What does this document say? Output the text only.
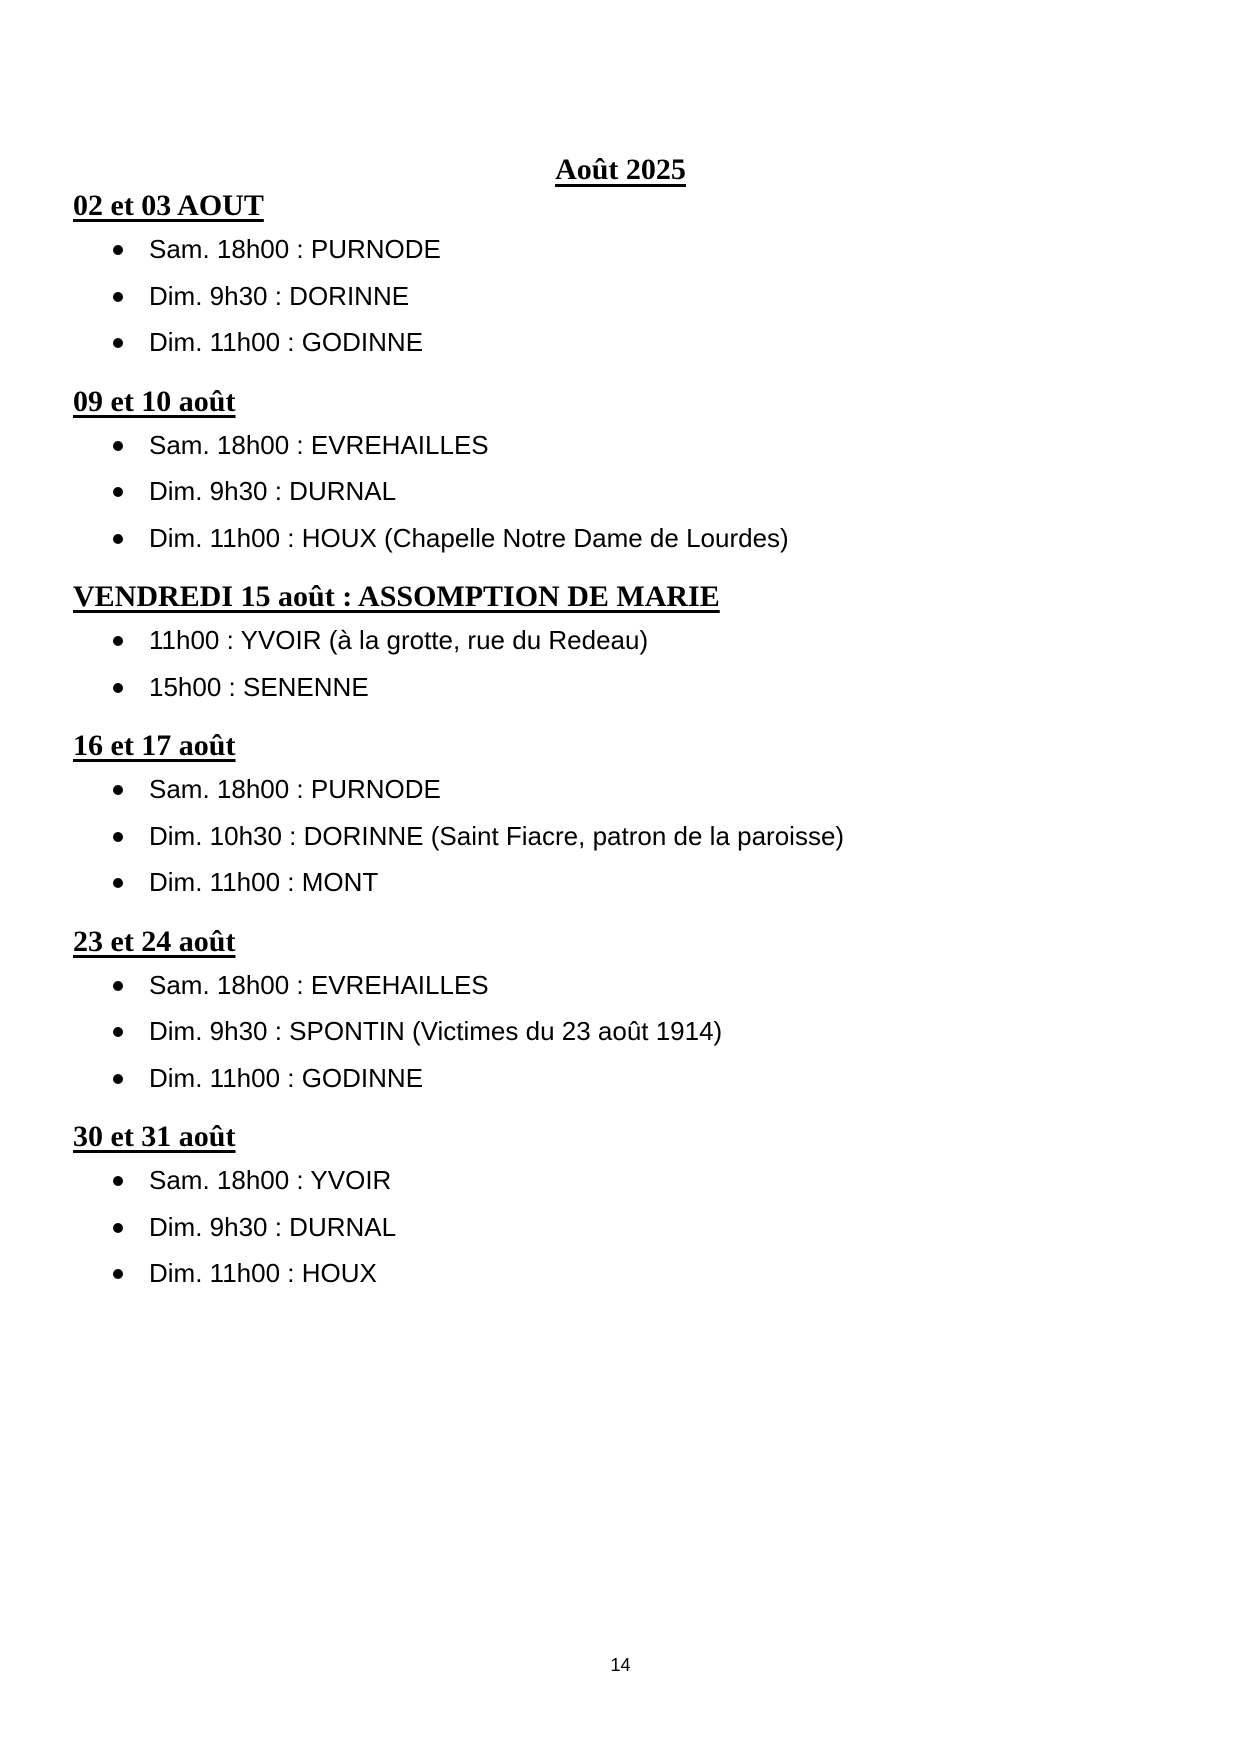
Août 2025
02 et 03 AOUT
Sam. 18h00 : PURNODE
Dim. 9h30 : DORINNE
Dim. 11h00 : GODINNE
09 et 10 août
Sam. 18h00 : EVREHAILLES
Dim. 9h30 : DURNAL
Dim. 11h00 : HOUX (Chapelle Notre Dame de Lourdes)
VENDREDI 15 août : ASSOMPTION DE MARIE
11h00 : YVOIR (à la grotte, rue du Redeau)
15h00 : SENENNE
16 et 17 août
Sam. 18h00 : PURNODE
Dim. 10h30 : DORINNE (Saint Fiacre, patron de la paroisse)
Dim. 11h00 : MONT
23 et 24 août
Sam. 18h00 : EVREHAILLES
Dim. 9h30 : SPONTIN (Victimes du 23 août 1914)
Dim. 11h00 : GODINNE
30 et 31 août
Sam. 18h00 : YVOIR
Dim. 9h30 : DURNAL
Dim. 11h00 : HOUX
14
